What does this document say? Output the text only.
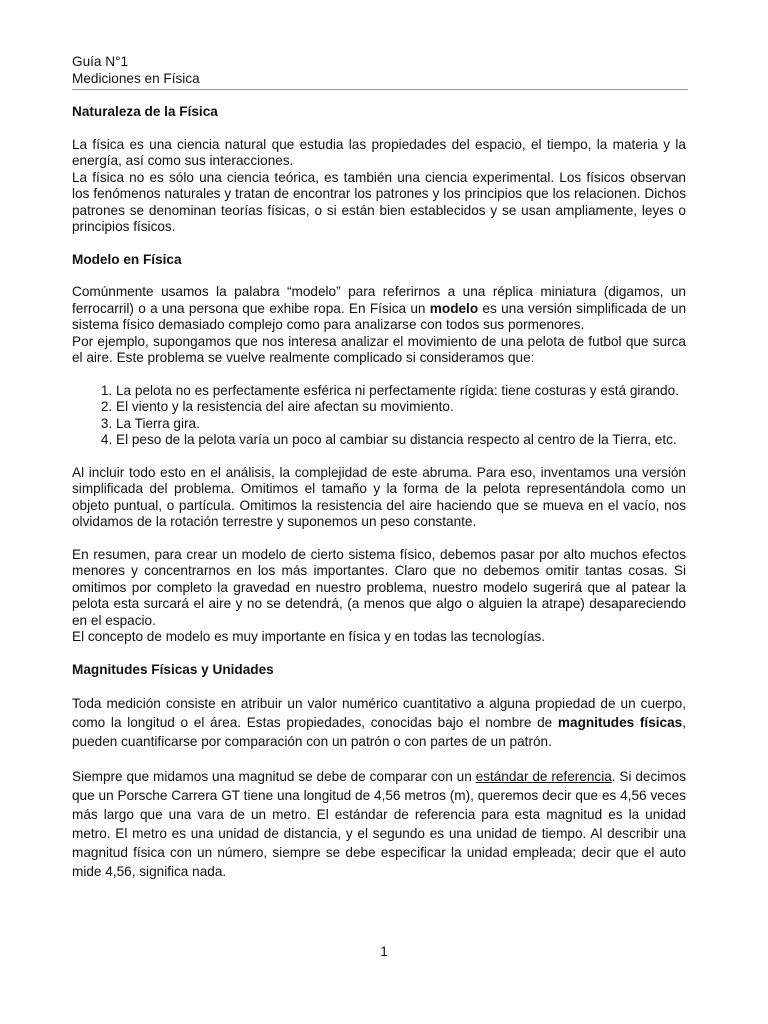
Guía N°1
Mediciones en Física
Naturaleza de la Física

La física es una ciencia natural que estudia las propiedades del espacio, el tiempo, la materia y la energía, así como sus interacciones.

La física no es sólo una ciencia teórica, es también una ciencia experimental. Los físicos observan los fenómenos naturales y tratan de encontrar los patrones y los principios que los relacionen. Dichos patrones se denominan teorías físicas, o si están bien establecidos y se usan ampliamente, leyes o principios físicos.

Modelo en Física

Comúnmente usamos la palabra “modelo” para referirnos a una réplica miniatura (digamos, un ferrocarril) o a una persona que exhibe ropa. En Física un modelo es una versión simplificada de un sistema físico demasiado complejo como para analizarse con todos sus pormenores.

Por ejemplo, supongamos que nos interesa analizar el movimiento de una pelota de futbol que surca el aire. Este problema se vuelve realmente complicado si consideramos que:

1. La pelota no es perfectamente esférica ni perfectamente rígida: tiene costuras y está girando.
2. El viento y la resistencia del aire afectan su movimiento.
3. La Tierra gira.
4. El peso de la pelota varía un poco al cambiar su distancia respecto al centro de la Tierra, etc.

Al incluir todo esto en el análisis, la complejidad de este abruma. Para eso, inventamos una versión simplificada del problema. Omitimos el tamaño y la forma de la pelota representándola como un objeto puntual, o partícula. Omitimos la resistencia del aire haciendo que se mueva en el vacío, nos olvidamos de la rotación terrestre y suponemos un peso constante.

En resumen, para crear un modelo de cierto sistema físico, debemos pasar por alto muchos efectos menores y concentrarnos en los más importantes. Claro que no debemos omitir tantas cosas. Si omitimos por completo la gravedad en nuestro problema, nuestro modelo sugerirá que al patear la pelota esta surcará el aire y no se detendrá, (a menos que algo o alguien la atrape) desapareciendo en el espacio.

El concepto de modelo es muy importante en física y en todas las tecnologías.

Magnitudes Físicas y Unidades

Toda medición consiste en atribuir un valor numérico cuantitativo a alguna propiedad de un cuerpo, como la longitud o el área. Estas propiedades, conocidas bajo el nombre de magnitudes físicas, pueden cuantificarse por comparación con un patrón o con partes de un patrón.

Siempre que midamos una magnitud se debe de comparar con un estándar de referencia. Si decimos que un Porsche Carrera GT tiene una longitud de 4,56 metros (m), queremos decir que es 4,56 veces más largo que una vara de un metro. El estándar de referencia para esta magnitud es la unidad metro. El metro es una unidad de distancia, y el segundo es una unidad de tiempo. Al describir una magnitud física con un número, siempre se debe especificar la unidad empleada; decir que el auto mide 4,56, significa nada.

1
